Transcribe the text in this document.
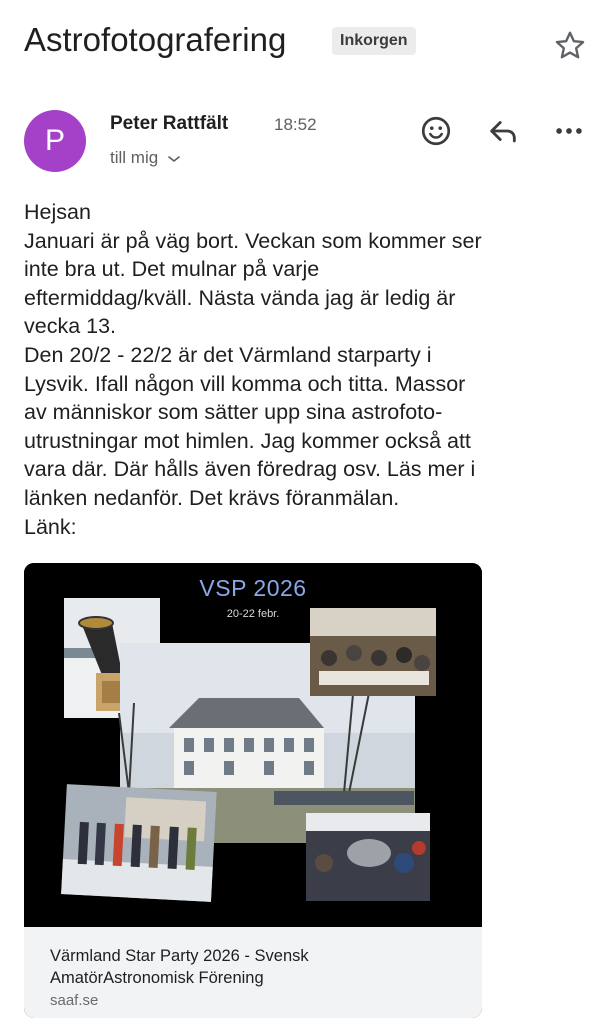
Astrofotografering	Inkorgen
P
Peter Rattfält	18:52
till mig
Hejsan
Januari är på väg bort. Veckan som kommer ser
inte bra ut. Det mulnar på varje
eftermiddag/kväll. Nästa vända jag är ledig är
vecka 13.
Den 20/2 - 22/2 är det Värmland starparty i
Lysvik. Ifall någon vill komma och titta. Massor
av människor som sätter upp sina astrofoto-
utrustningar mot himlen. Jag kommer också att
vara där. Där hålls även föredrag osv. Läs mer i
länken nedanför. Det krävs föranmälan.
Länk:
VSP 2026
20-22 febr.
Värmland Star Party 2026 - Svensk
AmatörAstronomisk Förening
saaf.se
